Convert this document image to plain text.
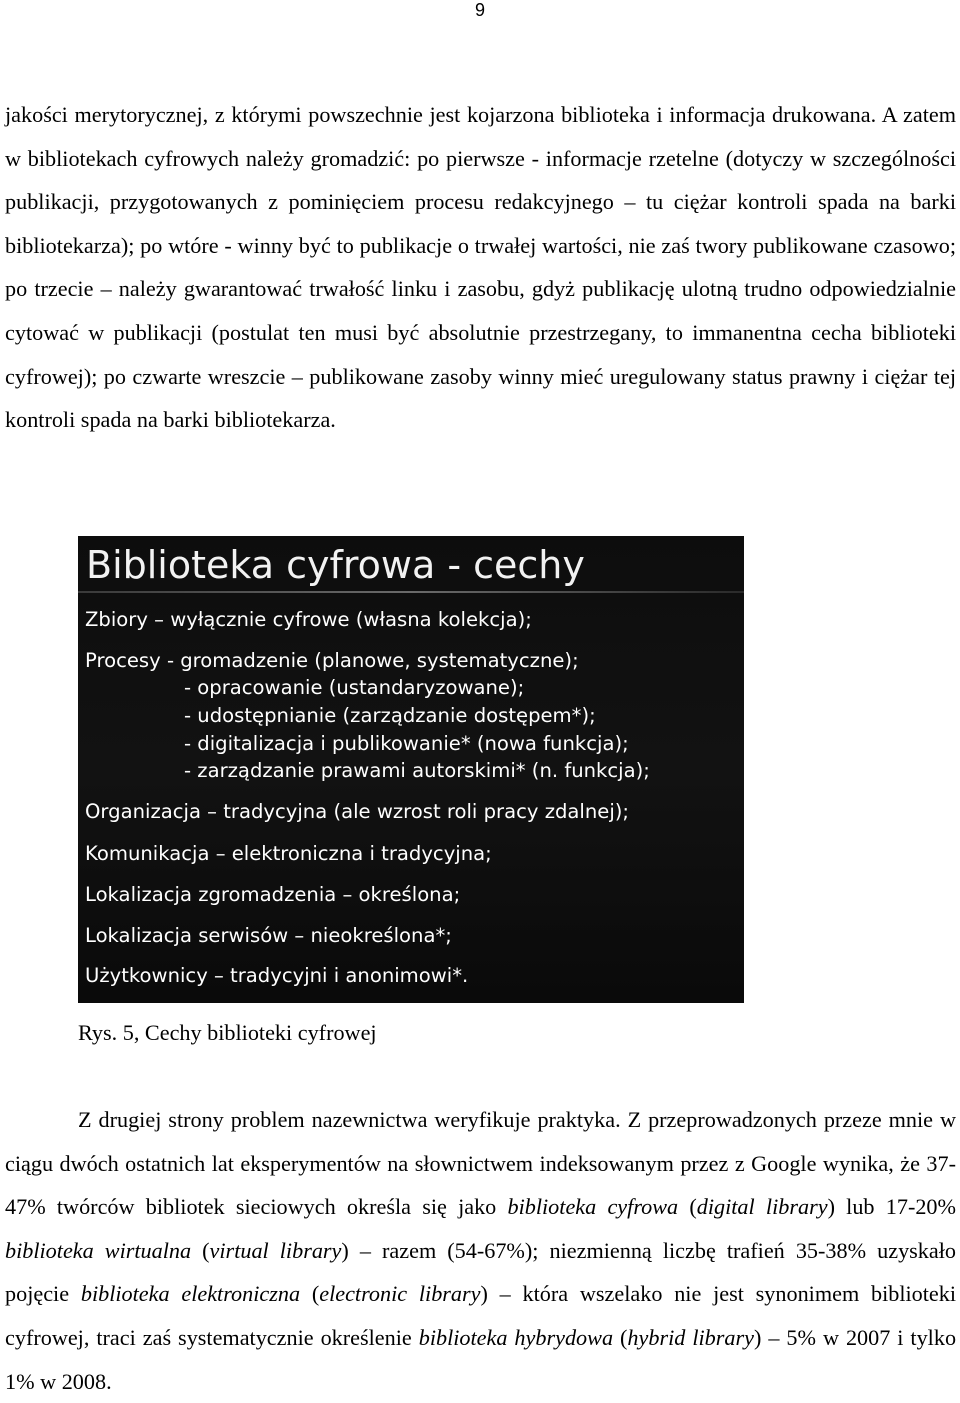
9

jakości merytorycznej, z którymi powszechnie jest kojarzona biblioteka i informacja drukowana. A zatem w bibliotekach cyfrowych należy gromadzić: po pierwsze - informacje rzetelne (dotyczy w szczególności publikacji, przygotowanych z pominięciem procesu redakcyjnego – tu ciężar kontroli spada na barki bibliotekarza); po wtóre - winny być to publikacje o trwałej wartości, nie zaś twory publikowane czasowo; po trzecie – należy gwarantować trwałość linku i zasobu, gdyż publikację ulotną trudno odpowiedzialnie cytować w publikacji (postulat ten musi być absolutnie przestrzegany, to immanentna cecha biblioteki cyfrowej); po czwarte wreszcie – publikowane zasoby winny mieć uregulowany status prawny i ciężar tej kontroli spada na barki bibliotekarza.

Biblioteka cyfrowa - cechy
Zbiory – wyłącznie cyfrowe (własna kolekcja);
Procesy - gromadzenie (planowe, systematyczne);
- opracowanie (ustandaryzowane);
- udostępnianie (zarządzanie dostępem*);
- digitalizacja i publikowanie* (nowa funkcja);
- zarządzanie prawami autorskimi* (n. funkcja);
Organizacja – tradycyjna (ale wzrost roli pracy zdalnej);
Komunikacja – elektroniczna i tradycyjna;
Lokalizacja zgromadzenia – określona;
Lokalizacja serwisów – nieokreślona*;
Użytkownicy – tradycyjni i anonimowi*.
Rys. 5, Cechy biblioteki cyfrowej

Z drugiej strony problem nazewnictwa weryfikuje praktyka. Z przeprowadzonych przeze mnie w ciągu dwóch ostatnich lat eksperymentów na słownictwem indeksowanym przez z Google wynika, że 37-47% twórców bibliotek sieciowych określa się jako biblioteka cyfrowa (digital library) lub 17-20% biblioteka wirtualna (virtual library) – razem (54-67%); niezmienną liczbę trafień 35-38% uzyskało pojęcie biblioteka elektroniczna (electronic library) – która wszelako nie jest synonimem biblioteki cyfrowej, traci zaś systematycznie określenie biblioteka hybrydowa (hybrid library) – 5% w 2007 i tylko 1% w 2008.
